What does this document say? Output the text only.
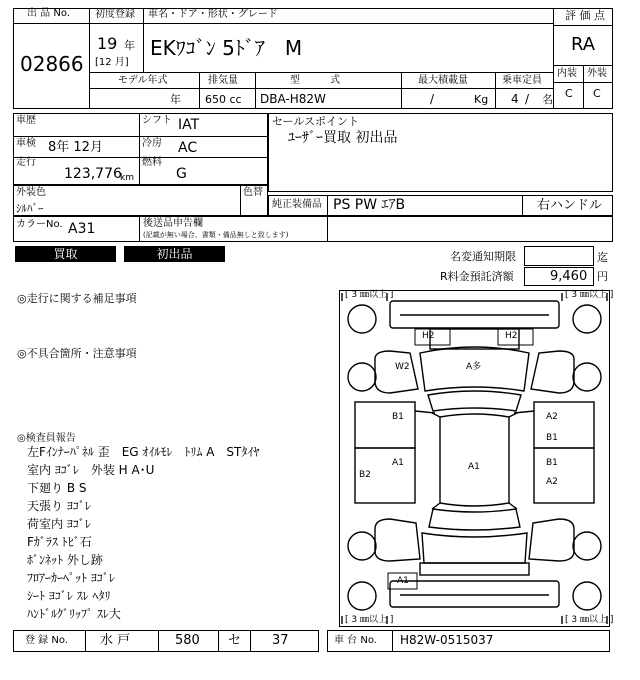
出 品 No.
02866
初度登録
19 年
[12 月]
車名・ドア・形状・グレード
EKﾜｺﾞﾝ 5ﾄﾞｱ　M
評 価 点
RA
内装 外装
C C
モデル年式	排気量	型　　　式	最大積載量	乗車定員
年 650 cc DBA-H82W	/	Kg 4 / 名
車歴
車検 8年 12月
走行
123,776
km
シフト IAT
冷房 AC
燃料
G
セールスポイント
ﾕｰｻﾞｰ買取 初出品
外装色
ｼﾙﾊﾞｰ
色替
純正装備品 PS PW ｴｱB	右ハンドル
カラーNo. A31	後送品申告欄
(記載が無い場合、書類・備品無しと致します)
買取	初出品	名変通知期限	迄
R料金預託済額	9,460 円
◎走行に関する補足事項
◎不具合箇所・注意事項
◎検査員報告
左Fｲﾝﾅｰﾊﾟﾈﾙ 歪　EG ｵｲﾙﾓﾚ　ﾄﾘﾑ A　STﾀｲﾔ
室内 ﾖｺﾞﾚ　外装 H A･U
下廻り B S
天張り ﾖｺﾞﾚ
荷室内 ﾖｺﾞﾚ
Fｶﾞﾗｽ ﾄﾋﾞ石
ﾎﾞﾝﾈｯﾄ 外し跡
ﾌﾛｱｰｶｰﾍﾟｯﾄ ﾖｺﾞﾚ
ｼｰﾄ ﾖｺﾞﾚ ｽﾚ ﾍﾀﾘ
ﾊﾝﾄﾞﾙｸﾞﾘｯﾌﾟ ｽﾚ大
[ 3 ㎜以上 ]	[ 3 ㎜以上 ]
[ 3 ㎜以上 ]	[ 3 ㎜以上 ]
H2	H2
W2	A多
B1	A2
B1
A1	A1	B1
A2
B2
A1
登 録 No. 水 戸	580 セ 37	車 台 No. H82W-0515037
